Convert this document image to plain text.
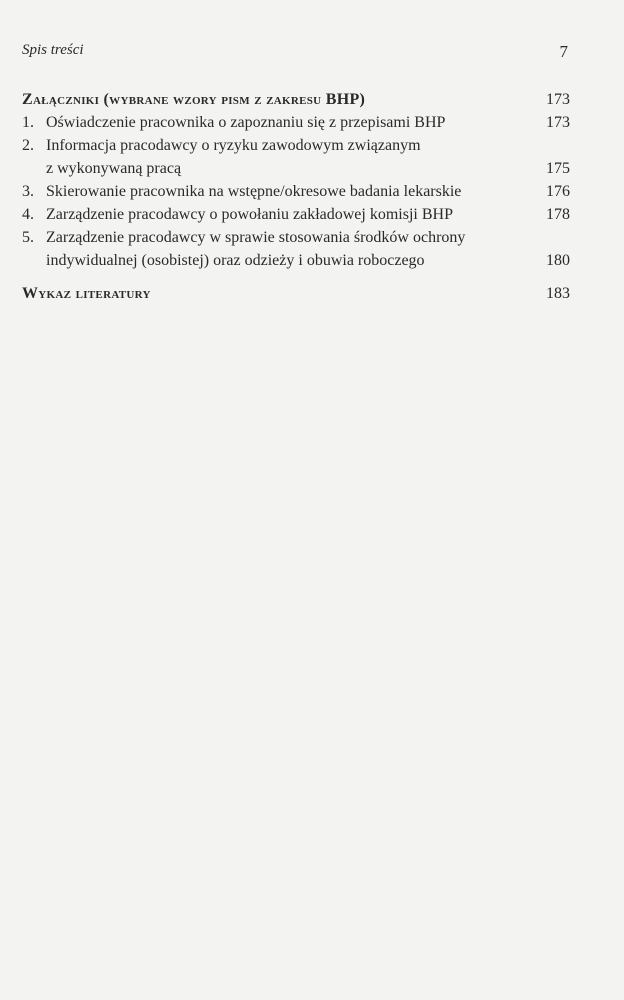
Spis treści	7
Załączniki (wybrane wzory pism z zakresu BHP)	173
1. Oświadczenie pracownika o zapoznaniu się z przepisami BHP	173
2. Informacja pracodawcy o ryzyku zawodowym związanym
z wykonywaną pracą	175
3. Skierowanie pracownika na wstępne/okresowe badania lekarskie	176
4. Zarządzenie pracodawcy o powołaniu zakładowej komisji BHP	178
5. Zarządzenie pracodawcy w sprawie stosowania środków ochrony
indywidualnej (osobistej) oraz odzieży i obuwia roboczego	180
Wykaz literatury	183
